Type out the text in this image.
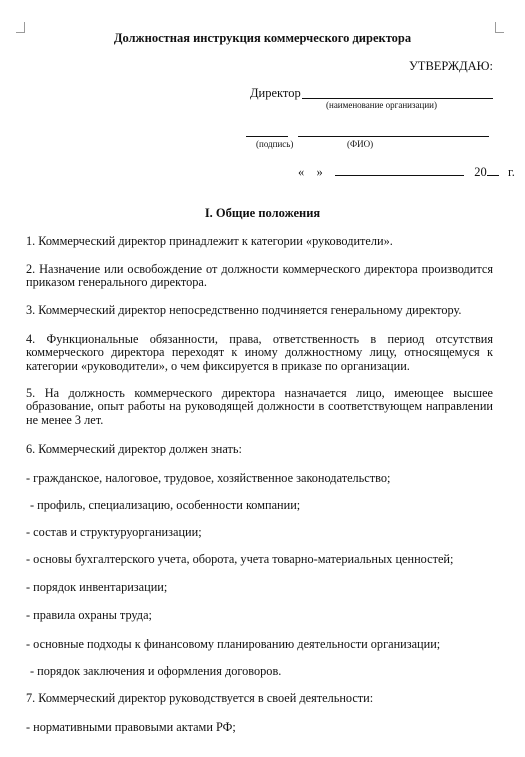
Должностная инструкция коммерческого директора
УТВЕРЖДАЮ:
Директор
(наименование организации)
(подпись)	(ФИО)
« »	20 г.
I. Общие положения
1. Коммерческий директор принадлежит к категории «руководители».
2. Назначение или освобождение от должности коммерческого директора производится приказом генерального директора.
3. Коммерческий директор непосредственно подчиняется генеральному директору.
4. Функциональные обязанности, права, ответственность в период отсутствия коммерческого директора переходят к иному должностному лицу, относящемуся к категории «руководители», о чем фиксируется в приказе по организации.
5. На должность коммерческого директора назначается лицо, имеющее высшее образование, опыт работы на руководящей должности в соответствующем направлении не менее 3 лет.
6. Коммерческий директор должен знать:
- гражданское, налоговое, трудовое, хозяйственное законодательство;
- профиль, специализацию, особенности компании;
- состав и структуруорганизации;
- основы бухгалтерского учета, оборота, учета товарно-материальных ценностей;
- порядок инвентаризации;
- правила охраны труда;
- основные подходы к финансовому планированию деятельности организации;
- порядок заключения и оформления договоров.
7. Коммерческий директор руководствуется в своей деятельности:
- нормативными правовыми актами РФ;
